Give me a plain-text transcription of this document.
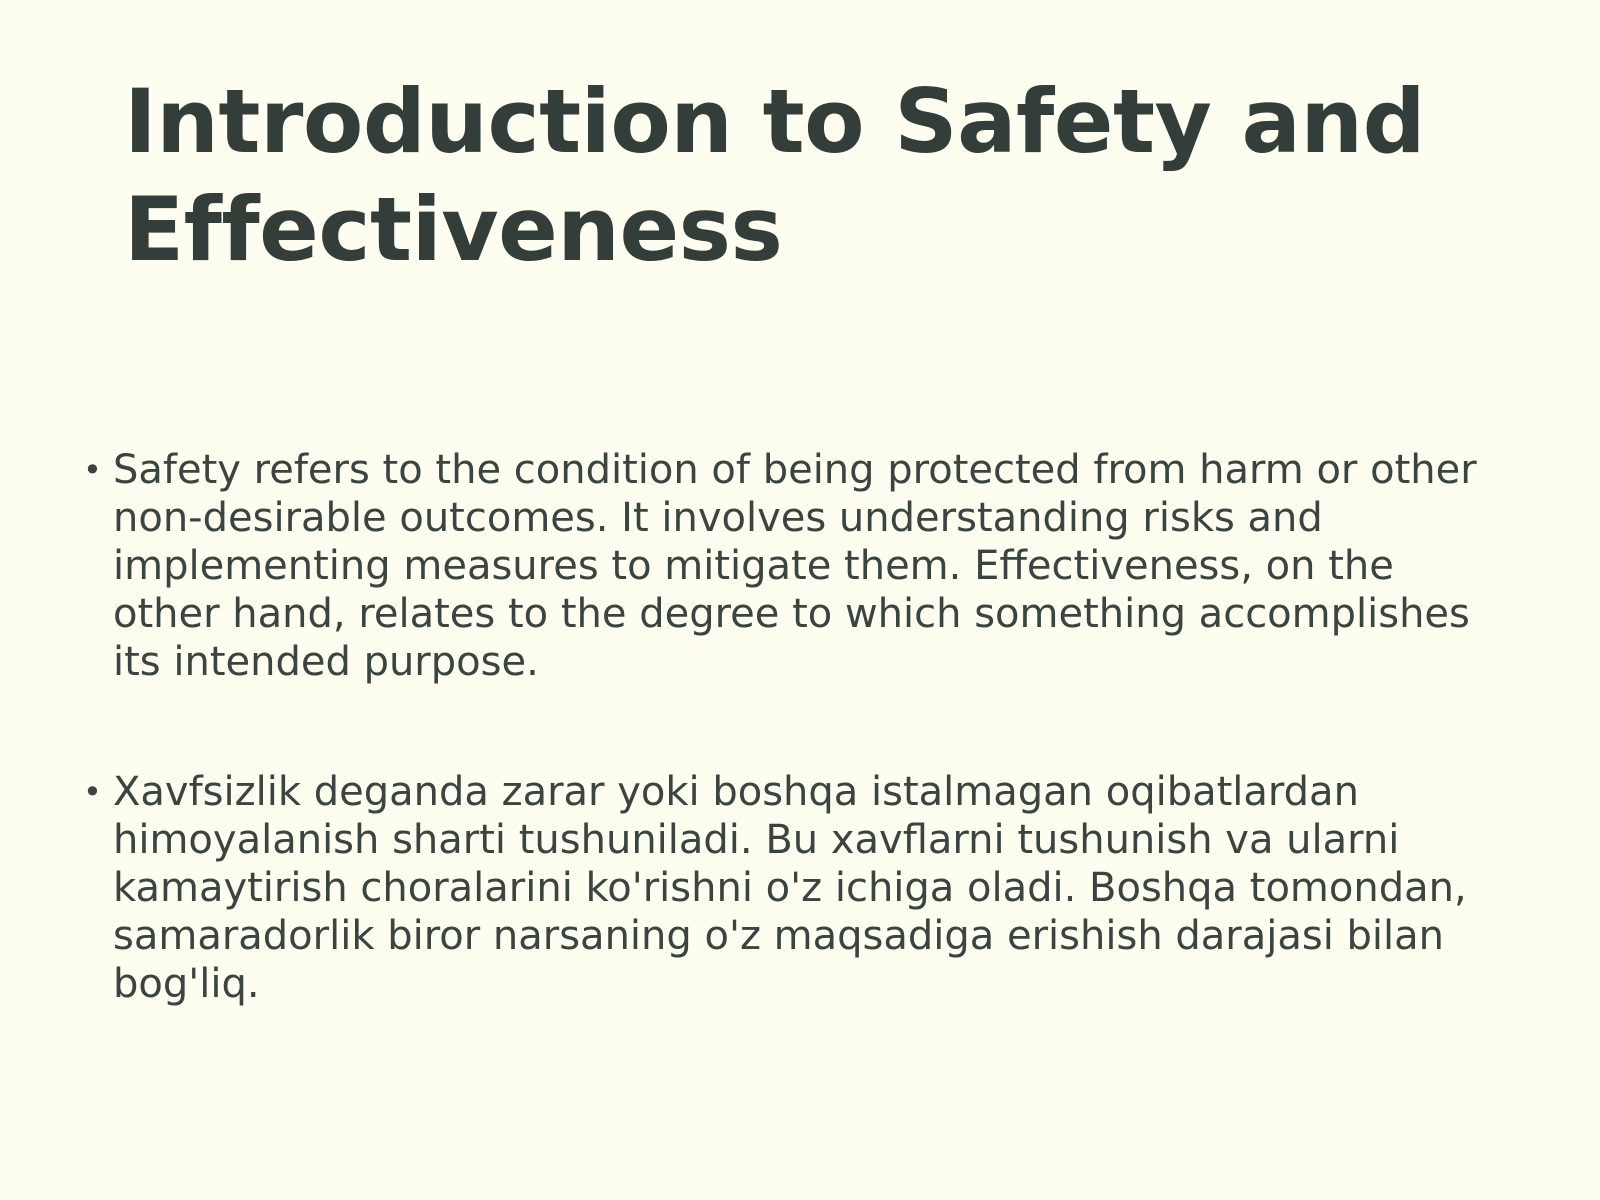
Introduction to Safety and Effectiveness
• Safety refers to the condition of being protected from harm or other non-desirable outcomes. It involves understanding risks and implementing measures to mitigate them. Effectiveness, on the other hand, relates to the degree to which something accomplishes its intended purpose.
• Xavfsizlik deganda zarar yoki boshqa istalmagan oqibatlardan himoyalanish sharti tushuniladi. Bu xavflarni tushunish va ularni kamaytirish choralarini ko'rishni o'z ichiga oladi. Boshqa tomondan, samaradorlik biror narsaning o'z maqsadiga erishish darajasi bilan bog'liq.
